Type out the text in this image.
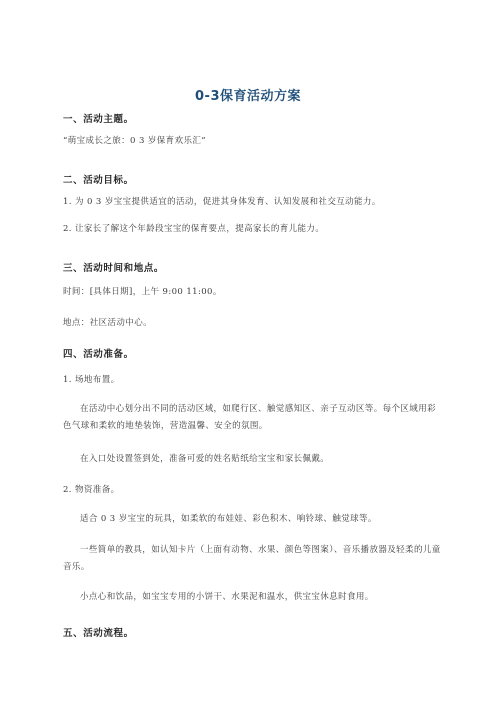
0-3保育活动方案
一、活动主题。

“萌宝成长之旅：0 3 岁保育欢乐汇”

二、活动目标。

1. 为 0 3 岁宝宝提供适宜的活动，促进其身体发育、认知发展和社交互动能力。

2. 让家长了解这个年龄段宝宝的保育要点，提高家长的育儿能力。

三、活动时间和地点。

时间：[具体日期]，上午 9:00 11:00。

地点：社区活动中心。

四、活动准备。

1. 场地布置。

在活动中心划分出不同的活动区域，如爬行区、触觉感知区、亲子互动区等。每个区域用彩色气球和柔软的地垫装饰，营造温馨、安全的氛围。

在入口处设置签到处，准备可爱的姓名贴纸给宝宝和家长佩戴。

2. 物资准备。

适合 0 3 岁宝宝的玩具，如柔软的布娃娃、彩色积木、响铃球、触觉球等。

一些简单的教具，如认知卡片（上面有动物、水果、颜色等图案）、音乐播放器及轻柔的儿童音乐。

小点心和饮品，如宝宝专用的小饼干、水果泥和温水，供宝宝休息时食用。

五、活动流程。
